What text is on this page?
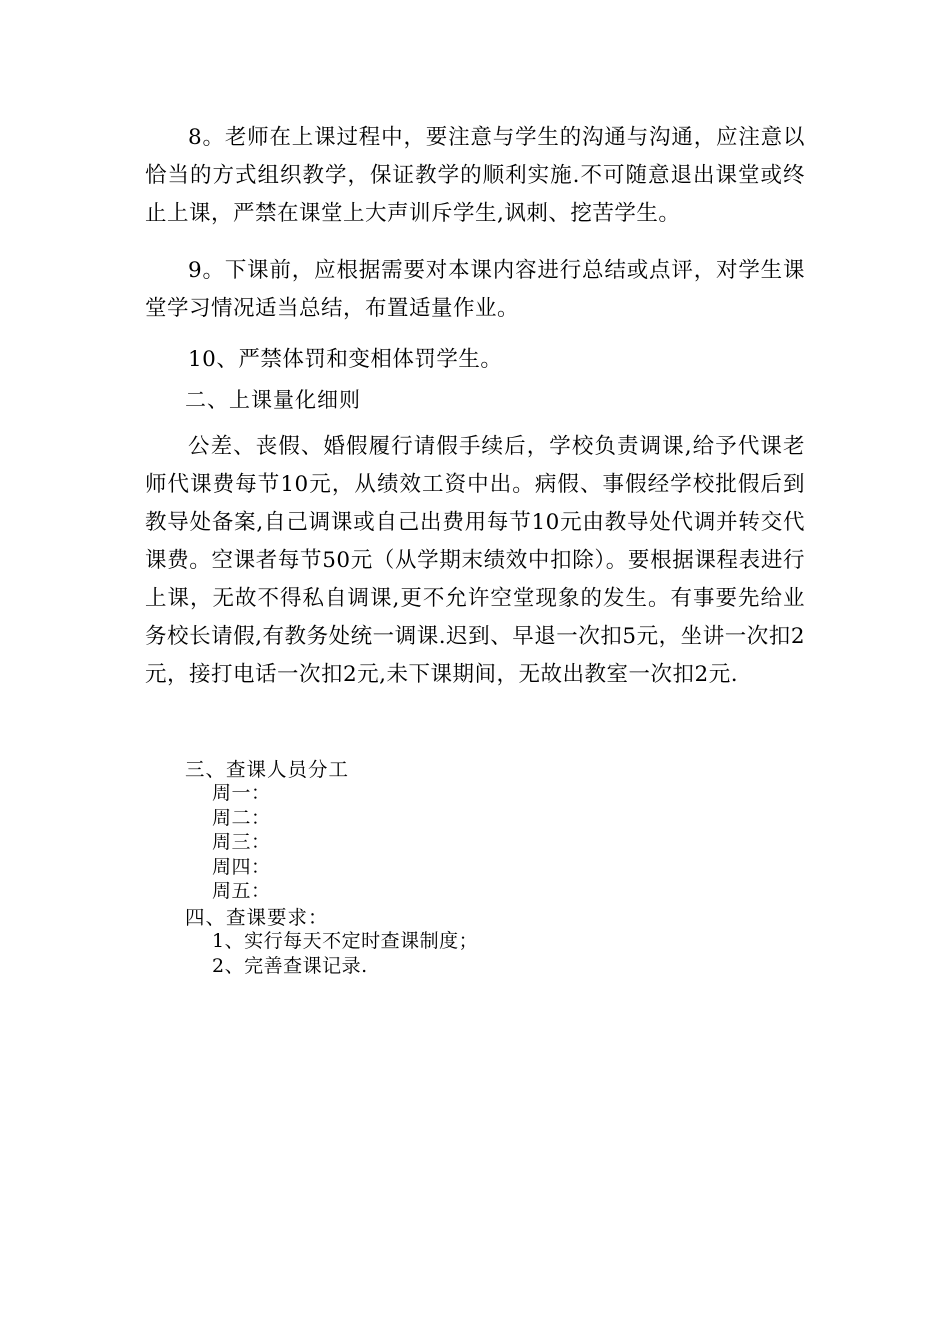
8。老师在上课过程中，要注意与学生的沟通与沟通，应注意以恰当的方式组织教学，保证教学的顺利实施.不可随意退出课堂或终止上课，严禁在课堂上大声训斥学生,讽刺、挖苦学生。

9。下课前，应根据需要对本课内容进行总结或点评，对学生课堂学习情况适当总结，布置适量作业。

10、严禁体罚和变相体罚学生。

二、上课量化细则

公差、丧假、婚假履行请假手续后，学校负责调课,给予代课老师代课费每节10元，从绩效工资中出。病假、事假经学校批假后到教导处备案,自己调课或自己出费用每节10元由教导处代调并转交代课费。空课者每节50元（从学期末绩效中扣除）。要根据课程表进行上课，无故不得私自调课,更不允许空堂现象的发生。有事要先给业务校长请假,有教务处统一调课.迟到、早退一次扣5元，坐讲一次扣2元，接打电话一次扣2元,未下课期间，无故出教室一次扣2元.

三、查课人员分工

周一：
周二：
周三：
周四：
周五：

四、查课要求：

1、实行每天不定时查课制度；
2、完善查课记录.
